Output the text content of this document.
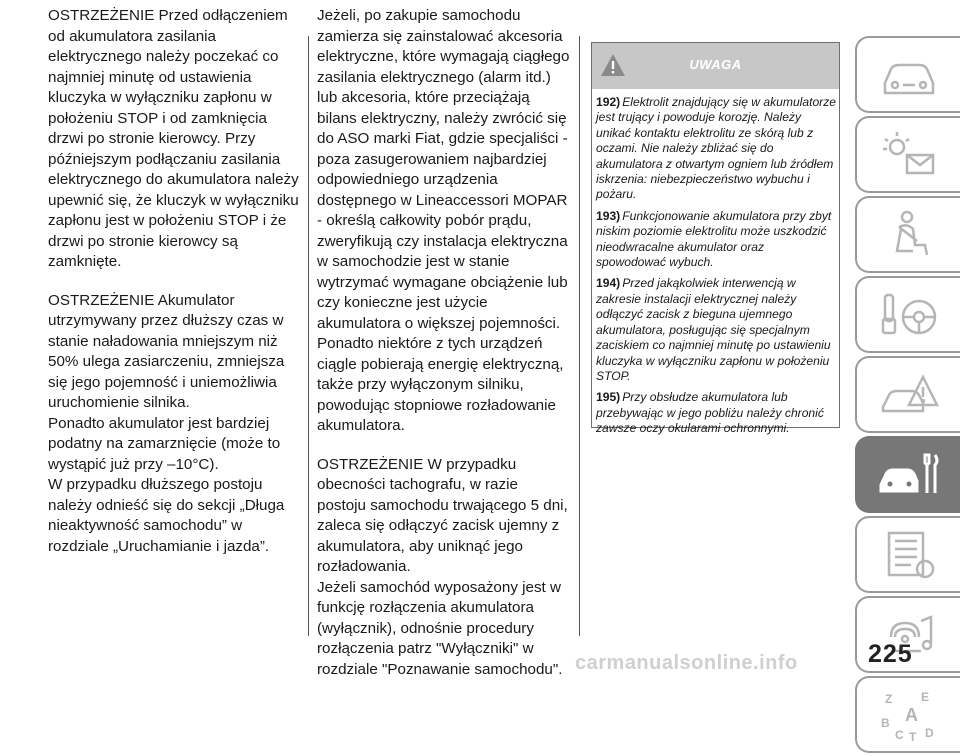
OSTRZEŻENIE Przed odłączeniem od akumulatora zasilania elektrycznego należy poczekać co najmniej minutę od ustawienia kluczyka w wyłączniku zapłonu w położeniu STOP i od zamknięcia drzwi po stronie kierowcy. Przy późniejszym podłączaniu zasilania elektrycznego do akumulatora należy upewnić się, że kluczyk w wyłączniku zapłonu jest w położeniu STOP i że drzwi po stronie kierowcy są zamknięte.

OSTRZEŻENIE Akumulator utrzymywany przez dłuższy czas w stanie naładowania mniejszym niż 50% ulega zasiarczeniu, zmniejsza się jego pojemność i uniemożliwia uruchomienie silnika.
Ponadto akumulator jest bardziej podatny na zamarznięcie (może to wystąpić już przy –10°C).
W przypadku dłuższego postoju należy odnieść się do sekcji „Długa nieaktywność samochodu” w rozdziale „Uruchamianie i jazda”.

Jeżeli, po zakupie samochodu zamierza się zainstalować akcesoria elektryczne, które wymagają ciągłego zasilania elektrycznego (alarm itd.) lub akcesoria, które przeciążają bilans elektryczny, należy zwrócić się do ASO marki Fiat, gdzie specjaliści - poza zasugerowaniem najbardziej odpowiedniego urządzenia dostępnego w Lineaccessori MOPAR - określą całkowity pobór prądu, zweryfikują czy instalacja elektryczna w samochodzie jest w stanie wytrzymać wymagane obciążenie lub czy konieczne jest użycie akumulatora o większej pojemności.
Ponadto niektóre z tych urządzeń ciągle pobierają energię elektryczną, także przy wyłączonym silniku, powodując stopniowe rozładowanie akumulatora.

OSTRZEŻENIE W przypadku obecności tachografu, w razie postoju samochodu trwającego 5 dni, zaleca się odłączyć zacisk ujemny z akumulatora, aby uniknąć jego rozładowania.
Jeżeli samochód wyposażony jest w funkcję rozłączenia akumulatora (wyłącznik), odnośnie procedury rozłączenia patrz "Wyłączniki" w rozdziale "Poznawanie samochodu".

UWAGA

192) Elektrolit znajdujący się w akumulatorze jest trujący i powoduje korozję. Należy unikać kontaktu elektrolitu ze skórą lub z oczami. Nie należy zbliżać się do akumulatora z otwartym ogniem lub źródłem iskrzenia: niebezpieczeństwo wybuchu i pożaru.

193) Funkcjonowanie akumulatora przy zbyt niskim poziomie elektrolitu może uszkodzić nieodwracalne akumulator oraz spowodować wybuch.

194) Przed jakąkolwiek interwencją w zakresie instalacji elektrycznej należy odłączyć zacisk z bieguna ujemnego akumulatora, posługując się specjalnym zaciskiem co najmniej minutę po ustawieniu kluczyka w wyłączniku zapłonu w położeniu STOP.

195) Przy obsłudze akumulatora lub przebywając w jego pobliżu należy chronić zawsze oczy okularami ochronnymi.

Z E
A
B
C T D
225
carmanualsonline.info
